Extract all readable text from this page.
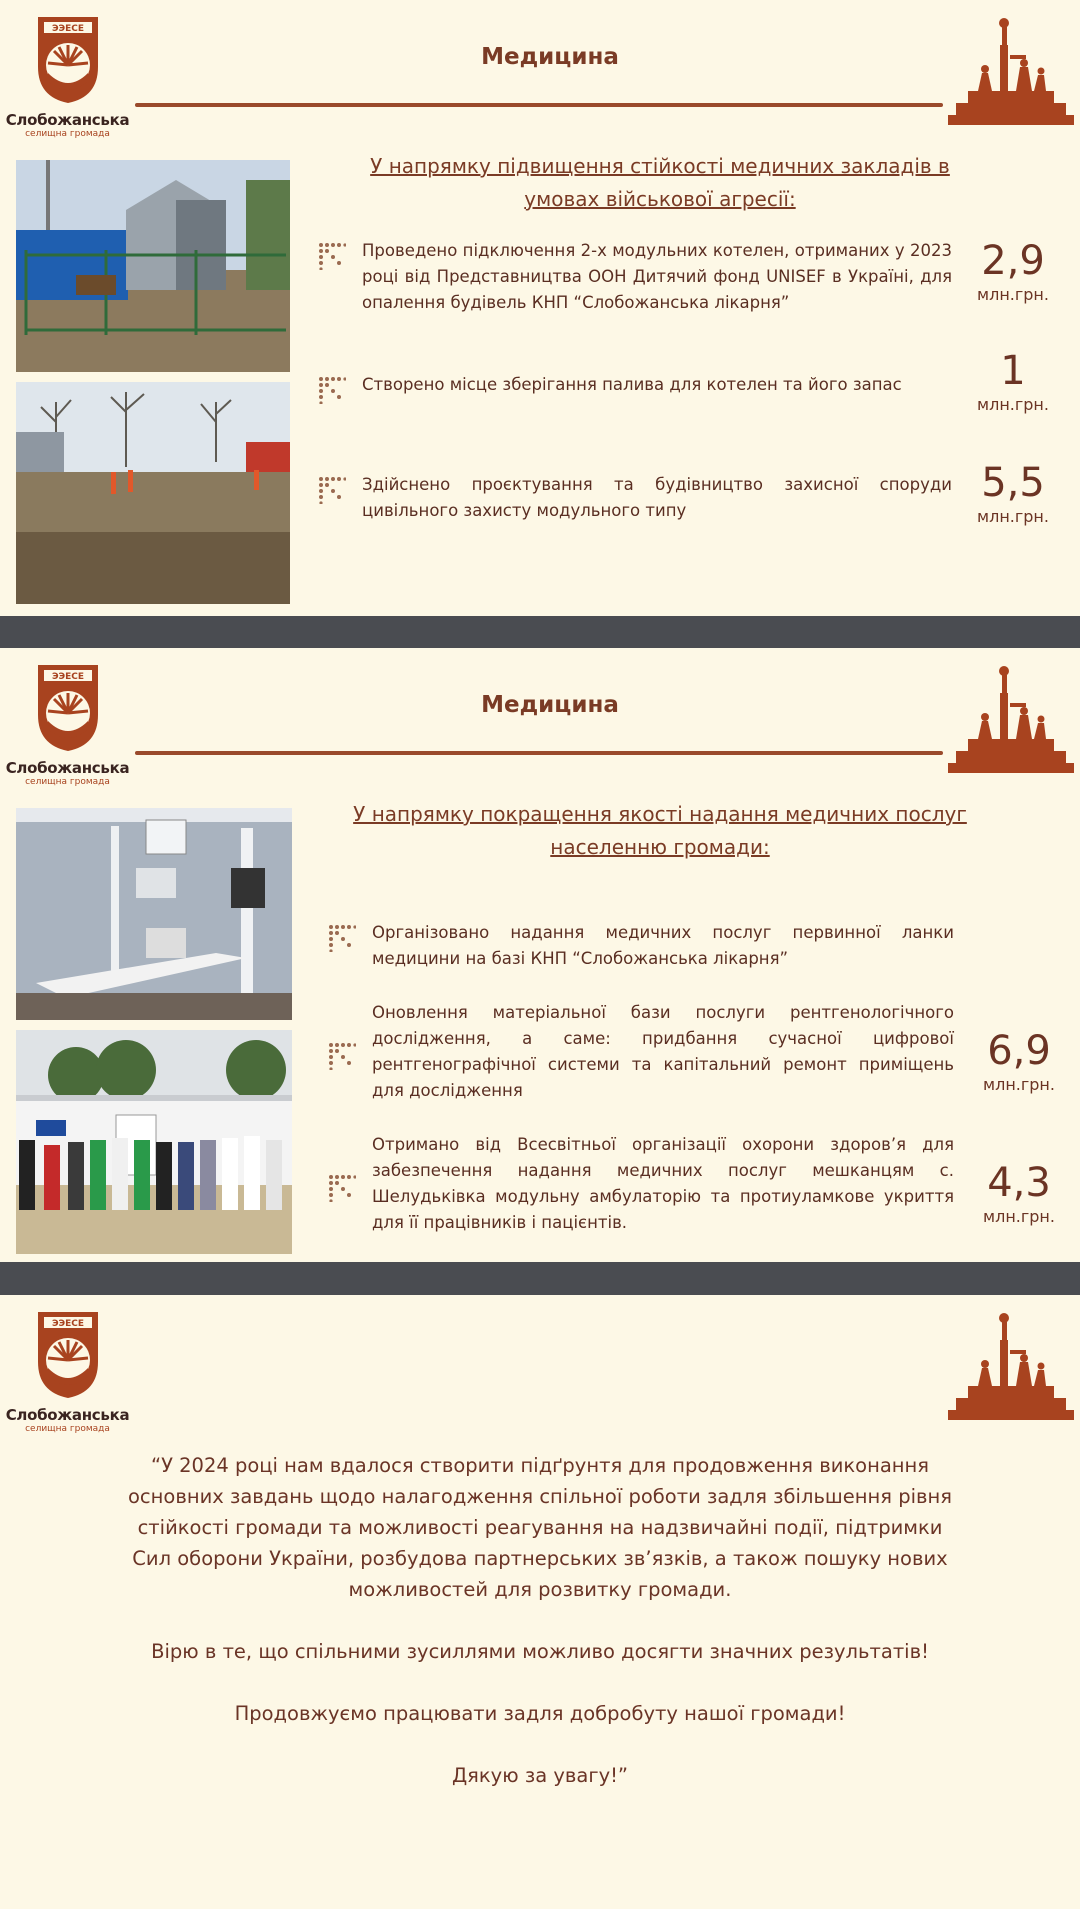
ЭЭЕСЕ
Слобожанська
селищна громада
Медицина
У напрямку підвищення стійкості медичних закладів в
умовах військової агресії:
Проведено підключення 2-х модульних котелен, отриманих у 2023 році від Представництва ООН Дитячий фонд UNISEF в Україні, для опалення будівель КНП “Слобожанська лікарня”
2,9
млн.грн.
Створено місце зберігання палива для котелен та його запас	1
млн.грн.
Здійснено проєктування та будівництво захисної споруди цивільного захисту модульного типу
5,5
млн.грн.
ЭЭЕСЕ
Слобожанська
селищна громада
Медицина
У напрямку покращення якості надання медичних послуг
населенню громади:
Організовано надання медичних послуг первинної ланки медицини на базі КНП “Слобожанська лікарня”
Оновлення матеріальної бази послуги рентгенологічного дослідження, а саме: придбання сучасної цифрової рентгенографічної системи та капітальний ремонт приміщень для дослідження
6,9
млн.грн.
Отримано від Всесвітньої організації охорони здоров’я для забезпечення надання медичних послуг мешканцям с. Шелудьківка модульну амбулаторію та протиуламкове укриття для її працівників і пацієнтів.
4,3
млн.грн.
ЭЭЕСЕ
Слобожанська
селищна громада

“У 2024 році нам вдалося створити підґрунтя для продовження виконання основних завдань щодо налагодження спільної роботи задля збільшення рівня стійкості громади та можливості реагування на надзвичайні події, підтримки Сил оборони України, розбудова партнерських зв’язків, а також пошуку нових можливостей для розвитку громади.

Вірю в те, що спільними зусиллями можливо досягти значних результатів!

Продовжуємо працювати задля добробуту нашої громади!

Дякую за увагу!”
